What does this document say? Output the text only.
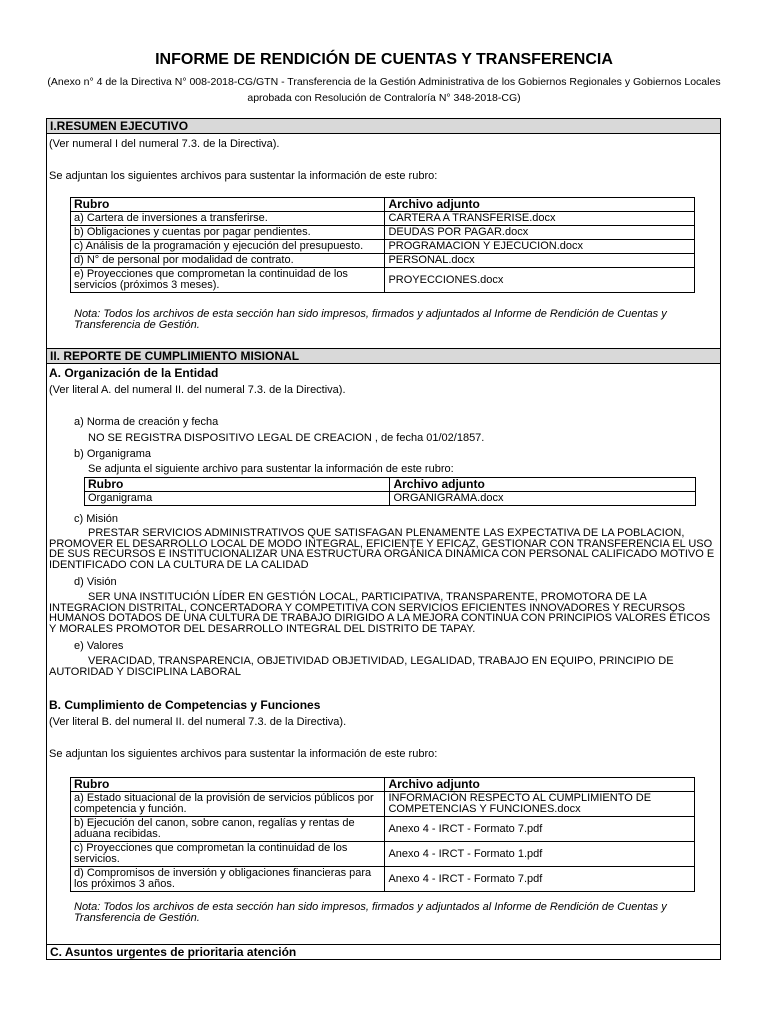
INFORME DE RENDICIÓN DE CUENTAS Y TRANSFERENCIA
(Anexo n° 4 de la Directiva N° 008-2018-CG/GTN - Transferencia de la Gestión Administrativa de los Gobiernos Regionales y Gobiernos Locales
aprobada con Resolución de Contraloría N° 348-2018-CG)
I.RESUMEN EJECUTIVO
(Ver numeral I del numeral 7.3. de la Directiva).
Se adjuntan los siguientes archivos para sustentar la información de este rubro:
Rubro	Archivo adjunto
a) Cartera de inversiones a transferirse.	CARTERA A TRANSFERISE.docx
b) Obligaciones y cuentas por pagar pendientes.	DEUDAS POR PAGAR.docx
c) Análisis de la programación y ejecución del presupuesto.	PROGRAMACION Y EJECUCION.docx
d) N° de personal por modalidad de contrato.	PERSONAL.docx
e) Proyecciones que comprometan la continuidad de los servicios (próximos 3 meses).	PROYECCIONES.docx
Nota: Todos los archivos de esta sección han sido impresos, firmados y adjuntados al Informe de Rendición de Cuentas y Transferencia de Gestión.
II. REPORTE DE CUMPLIMIENTO MISIONAL
A. Organización de la Entidad
(Ver literal A. del numeral II. del numeral 7.3. de la Directiva).
a) Norma de creación y fecha
NO SE REGISTRA DISPOSITIVO LEGAL DE CREACION , de fecha 01/02/1857.
b) Organigrama
Se adjunta el siguiente archivo para sustentar la información de este rubro:
Rubro	Archivo adjunto
Organigrama	ORGANIGRAMA.docx
c) Misión
PRESTAR SERVICIOS ADMINISTRATIVOS QUE SATISFAGAN PLENAMENTE LAS EXPECTATIVA DE LA POBLACION, PROMOVER EL DESARROLLO LOCAL DE MODO INTEGRAL, EFICIENTE Y EFICAZ, GESTIONAR CON TRANSFERENCIA EL USO DE SUS RECURSOS E INSTITUCIONALIZAR UNA ESTRUCTURA ORGÁNICA DINÁMICA CON PERSONAL CALIFICADO MOTIVO E IDENTIFICADO CON LA CULTURA DE LA CALIDAD
d) Visión
SER UNA INSTITUCIÓN LÍDER EN GESTIÓN LOCAL, PARTICIPATIVA, TRANSPARENTE, PROMOTORA DE LA INTEGRACION DISTRITAL, CONCERTADORA Y COMPETITIVA CON SERVICIOS EFICIENTES INNOVADORES Y RECURSOS HUMANOS DOTADOS DE UNA CULTURA DE TRABAJO DIRIGIDO A LA MEJORA CONTINUA CON PRINCIPIOS VALORES ÉTICOS Y MORALES PROMOTOR DEL DESARROLLO INTEGRAL DEL DISTRITO DE TAPAY.
e) Valores
VERACIDAD, TRANSPARENCIA, OBJETIVIDAD OBJETIVIDAD, LEGALIDAD, TRABAJO EN EQUIPO, PRINCIPIO DE AUTORIDAD Y DISCIPLINA LABORAL
B. Cumplimiento de Competencias y Funciones
(Ver literal B. del numeral II. del numeral 7.3. de la Directiva).
Se adjuntan los siguientes archivos para sustentar la información de este rubro:
Rubro	Archivo adjunto
a) Estado situacional de la provisión de servicios públicos por competencia y función.	INFORMACIÓN RESPECTO AL CUMPLIMIENTO DE COMPETENCIAS Y FUNCIONES.docx
b) Ejecución del canon, sobre canon, regalías y rentas de aduana recibidas.	Anexo 4 - IRCT - Formato 7.pdf
c) Proyecciones que comprometan la continuidad de los servicios.	Anexo 4 - IRCT - Formato 1.pdf
d) Compromisos de inversión y obligaciones financieras para los próximos 3 años.	Anexo 4 - IRCT - Formato 7.pdf
Nota: Todos los archivos de esta sección han sido impresos, firmados y adjuntados al Informe de Rendición de Cuentas y Transferencia de Gestión.
C. Asuntos urgentes de prioritaria atención
